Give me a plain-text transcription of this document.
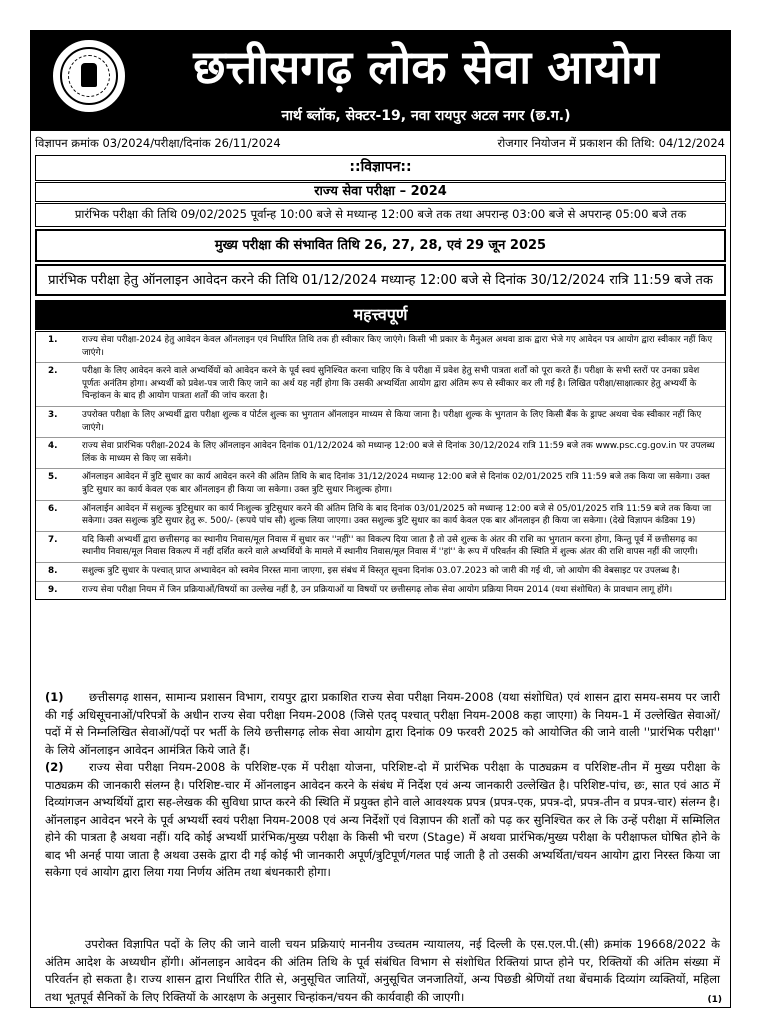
छत्तीसगढ़ लोक सेवा आयोग
नार्थ ब्लॉक, सेक्टर-19, नवा रायपुर अटल नगर (छ.ग.)
विज्ञापन क्रमांक 03/2024/परीक्षा/दिनांक 26/11/2024	रोजगार नियोजन में प्रकाशन की तिथि: 04/12/2024
::विज्ञापन::
राज्य सेवा परीक्षा – 2024
प्रारंभिक परीक्षा की तिथि 09/02/2025 पूर्वान्ह 10:00 बजे से मध्यान्ह 12:00 बजे तक तथा अपरान्ह 03:00 बजे से अपरान्ह 05:00 बजे तक
मुख्य परीक्षा की संभावित तिथि 26, 27, 28, एवं 29 जून 2025
प्रारंभिक परीक्षा हेतु ऑनलाइन आवेदन करने की तिथि 01/12/2024 मध्यान्ह 12:00 बजे से दिनांक 30/12/2024 रात्रि 11:59 बजे तक
महत्त्वपूर्ण
1.	राज्य सेवा परीक्षा-2024 हेतु आवेदन केवल ऑनलाइन एवं निर्धारित तिथि तक ही स्वीकार किए जाएंगे। किसी भी प्रकार के मैनुअल अथवा डाक द्वारा भेजे गए आवेदन पत्र आयोग द्वारा स्वीकार नहीं किए जाएंगे।
2.	परीक्षा के लिए आवेदन करने वाले अभ्यर्थियों को आवेदन करने के पूर्व स्वयं सुनिश्चित करना चाहिए कि वे परीक्षा में प्रवेश हेतु सभी पात्रता शर्तों को पूरा करते हैं। परीक्षा के सभी स्तरों पर उनका प्रवेश पूर्णतः अनंतिम होगा। अभ्यर्थी को प्रवेश-पत्र जारी किए जाने का अर्थ यह नहीं होगा कि उसकी अभ्यर्थिता आयोग द्वारा अंतिम रूप से स्वीकार कर ली गई है। लिखित परीक्षा/साक्षात्कार हेतु अभ्यर्थी के चिन्हांकन के बाद ही आयोग पात्रता शर्तों की जांच करता है।
3.	उपरोक्त परीक्षा के लिए अभ्यर्थी द्वारा परीक्षा शुल्क व पोर्टल शुल्क का भुगतान ऑनलाइन माध्यम से किया जाना है। परीक्षा शुल्क के भुगतान के लिए किसी बैंक के ड्राफ्ट अथवा चेक स्वीकार नहीं किए जाएंगे।
4.	राज्य सेवा प्रारंभिक परीक्षा-2024 के लिए ऑनलाइन आवेदन दिनांक 01/12/2024 को मध्यान्ह 12:00 बजे से दिनांक 30/12/2024 रात्रि 11:59 बजे तक www.psc.cg.gov.in पर उपलब्ध लिंक के माध्यम से किए जा सकेंगे।
5.	ऑनलाइन आवेदन में त्रुटि सुधार का कार्य आवेदन करने की अंतिम तिथि के बाद दिनांक 31/12/2024 मध्यान्ह 12:00 बजे से दिनांक 02/01/2025 रात्रि 11:59 बजे तक किया जा सकेगा। उक्त त्रुटि सुधार का कार्य केवल एक बार ऑनलाइन ही किया जा सकेगा। उक्त त्रुटि सुधार निःशुल्क होगा।
6.	ऑनलाईन आवेदन में सशुल्क त्रुटिसुधार का कार्य निःशुल्क त्रुटिसुधार करने की अंतिम तिथि के बाद दिनांक 03/01/2025 को मध्यान्ह 12:00 बजे से 05/01/2025 रात्रि 11:59 बजे तक किया जा सकेगा। उक्त सशुल्क त्रुटि सुधार हेतु रू. 500/- (रूपये पांच सौ) शुल्क लिया जाएगा। उक्त सशुल्क त्रुटि सुधार का कार्य केवल एक बार ऑनलाइन ही किया जा सकेगा। (देखे विज्ञापन कंडिका 19)
7.	यदि किसी अभ्यर्थी द्वारा छत्तीसगढ़ का स्थानीय निवास/मूल निवास में सुधार कर ''नहीं'' का विकल्प दिया जाता है तो उसे शुल्क के अंतर की राशि का भुगतान करना होगा, किन्तु पूर्व में छत्तीसगढ़ का स्थानीय निवास/मूल निवास विकल्प में नहीं दर्शित करने वाले अभ्यर्थियों के मामले में स्थानीय निवास/मूल निवास में ''हां'' के रूप में परिवर्तन की स्थिति में शुल्क अंतर की राशि वापस नहीं की जाएगी।
8.	सशुल्क त्रुटि सुधार के पश्चात् प्राप्त अभ्यावेदन को स्वमेव निरस्त माना जाएगा, इस संबंध में विस्तृत सूचना दिनांक 03.07.2023 को जारी की गई थी, जो आयोग की वेबसाइट पर उपलब्ध है।
9.	राज्य सेवा परीक्षा नियम में जिन प्रक्रियाओं/विषयों का उल्लेख नहीं है, उन प्रक्रियाओं या विषयों पर छत्तीसगढ़ लोक सेवा आयोग प्रक्रिया नियम 2014 (यथा संशोधित) के प्रावधान लागू होंगे।
(1) छत्तीसगढ़ शासन, सामान्य प्रशासन विभाग, रायपुर द्वारा प्रकाशित राज्य सेवा परीक्षा नियम-2008 (यथा संशोधित) एवं शासन द्वारा समय-समय पर जारी की गई अधिसूचनाओं/परिपत्रों के अधीन राज्य सेवा परीक्षा नियम-2008 (जिसे एतद् पश्चात् परीक्षा नियम-2008 कहा जाएगा) के नियम-1 में उल्लेखित सेवाओं/पदों में से निम्नलिखित सेवाओं/पदों पर भर्ती के लिये छत्तीसगढ़ लोक सेवा आयोग द्वारा दिनांक 09 फरवरी 2025 को आयोजित की जाने वाली ''प्रारंभिक परीक्षा'' के लिये ऑनलाइन आवेदन आमंत्रित किये जाते हैं।
(2) राज्य सेवा परीक्षा नियम-2008 के परिशिष्ट-एक में परीक्षा योजना, परिशिष्ट-दो में प्रारंभिक परीक्षा के पाठ्यक्रम व परिशिष्ट-तीन में मुख्य परीक्षा के पाठ्यक्रम की जानकारी संलग्न है। परिशिष्ट-चार में ऑनलाइन आवेदन करने के संबंध में निर्देश एवं अन्य जानकारी उल्लेखित है। परिशिष्ट-पांच, छः, सात एवं आठ में दिव्यांगजन अभ्यर्थियों द्वारा सह-लेखक की सुविधा प्राप्त करने की स्थिति में प्रयुक्त होने वाले आवश्यक प्रपत्र (प्रपत्र-एक, प्रपत्र-दो, प्रपत्र-तीन व प्रपत्र-चार) संलग्न है। ऑनलाइन आवेदन भरने के पूर्व अभ्यर्थी स्वयं परीक्षा नियम-2008 एवं अन्य निर्देशों एवं विज्ञापन की शर्तों को पढ़ कर सुनिश्चित कर ले कि उन्हें परीक्षा में सम्मिलित होने की पात्रता है अथवा नहीं। यदि कोई अभ्यर्थी प्रारंभिक/मुख्य परीक्षा के किसी भी चरण (Stage) में अथवा प्रारंभिक/मुख्य परीक्षा के परीक्षाफल घोषित होने के बाद भी अनर्ह पाया जाता है अथवा उसके द्वारा दी गई कोई भी जानकारी अपूर्ण/त्रुटिपूर्ण/गलत पाई जाती है तो उसकी अभ्यर्थिता/चयन आयोग द्वारा निरस्त किया जा सकेगा एवं आयोग द्वारा लिया गया निर्णय अंतिम तथा बंधनकारी होगा।
उपरोक्त विज्ञापित पदों के लिए की जाने वाली चयन प्रक्रियाएं माननीय उच्चतम न्यायालय, नई दिल्ली के एस.एल.पी.(सी) क्रमांक 19668/2022 के अंतिम आदेश के अध्यधीन होंगी। ऑनलाइन आवेदन की अंतिम तिथि के पूर्व संबंधित विभाग से संशोधित रिक्तियां प्राप्त होने पर, रिक्तियों की अंतिम संख्या में परिवर्तन हो सकता है। राज्य शासन द्वारा निर्धारित रीति से, अनुसूचित जातियों, अनुसूचित जनजातियों, अन्य पिछडी श्रेणियों तथा बेंचमार्क दिव्यांग व्यक्तियों, महिला तथा भूतपूर्व सैनिकों के लिए रिक्तियों के आरक्षण के अनुसार चिन्हांकन/चयन की कार्यवाही की जाएगी।	(1)
